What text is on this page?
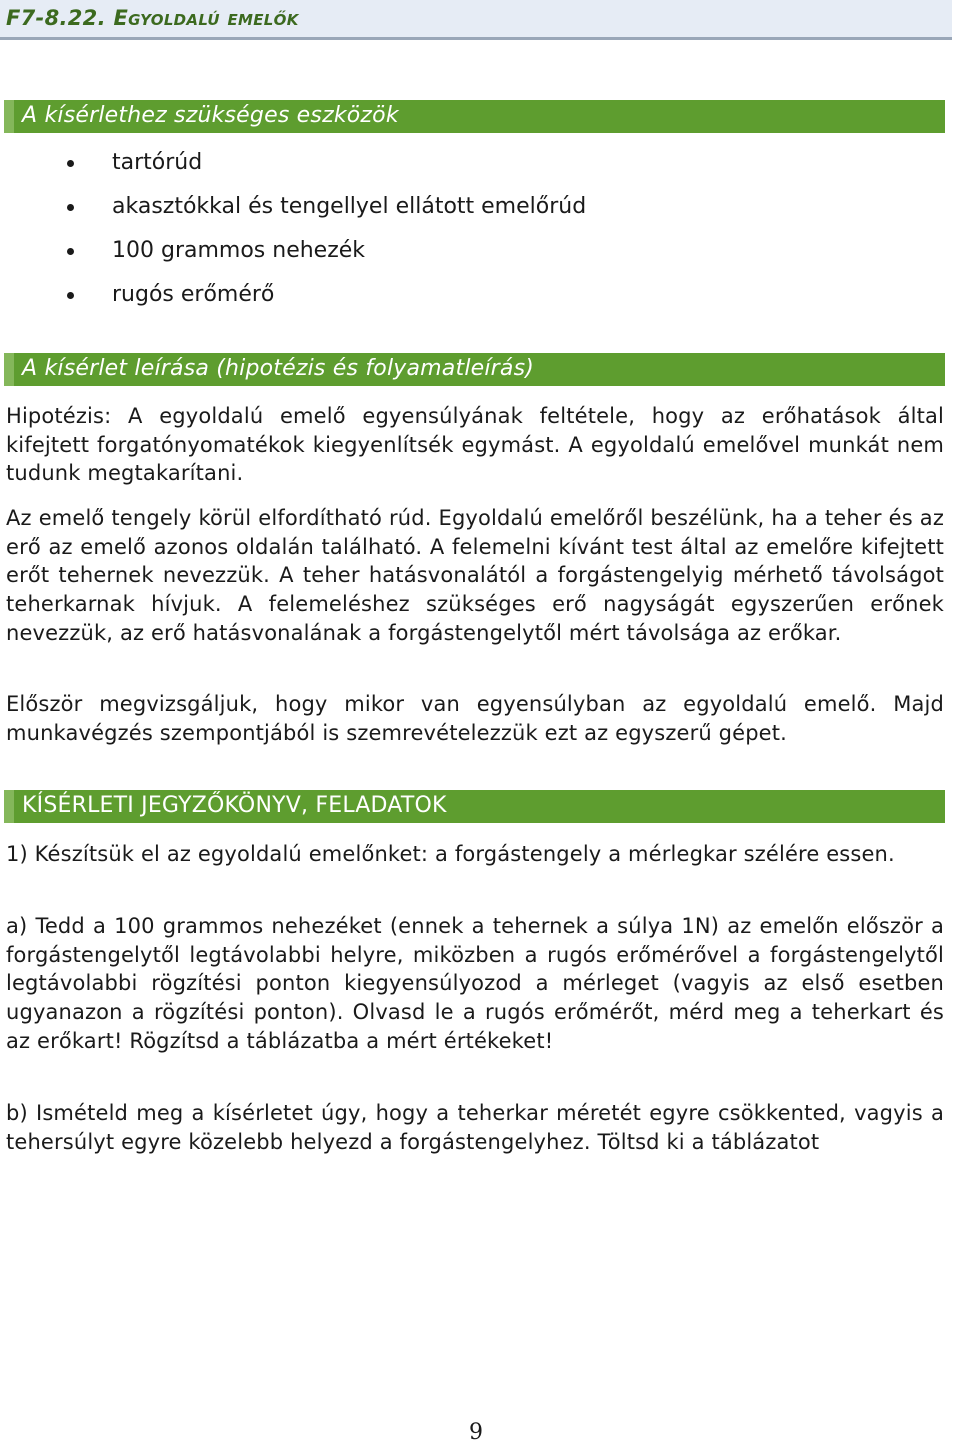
F7-8.22. Egyoldalú emelők
A kísérlethez szükséges eszközök
tartórúd
akasztókkal és tengellyel ellátott emelőrúd
100 grammos nehezék
rugós erőmérő
A kísérlet leírása (hipotézis és folyamatleírás)

Hipotézis: A egyoldalú emelő egyensúlyának feltétele, hogy az erőhatások által kifejtett forgatónyomatékok kiegyenlítsék egymást. A egyoldalú emelővel munkát nem tudunk megtakarítani.

Az emelő tengely körül elfordítható rúd. Egyoldalú emelőről beszélünk, ha a teher és az erő az emelő azonos oldalán található. A felemelni kívánt test által az emelőre kifejtett erőt tehernek nevezzük. A teher hatásvonalától a forgástengelyig mérhető távolságot teherkarnak hívjuk. A felemeléshez szükséges erő nagyságát egyszerűen erőnek nevezzük, az erő hatásvonalának a forgástengelytől mért távolsága az erőkar.

Először megvizsgáljuk, hogy mikor van egyensúlyban az egyoldalú emelő. Majd munkavégzés szempontjából is szemrevételezzük ezt az egyszerű gépet.

KÍSÉRLETI JEGYZŐKÖNYV, FELADATOK

1) Készítsük el az egyoldalú emelőnket: a forgástengely a mérlegkar szélére essen.

a) Tedd a 100 grammos nehezéket (ennek a tehernek a súlya 1N) az emelőn először a forgástengelytől legtávolabbi helyre, miközben a rugós erőmérővel a forgástengelytől legtávolabbi rögzítési ponton kiegyensúlyozod a mérleget (vagyis az első esetben ugyanazon a rögzítési ponton). Olvasd le a rugós erőmérőt, mérd meg a teherkart és az erőkart! Rögzítsd a táblázatba a mért értékeket!

b) Ismételd meg a kísérletet úgy, hogy a teherkar méretét egyre csökkented, vagyis a tehersúlyt egyre közelebb helyezd a forgástengelyhez. Töltsd ki a táblázatot

9
